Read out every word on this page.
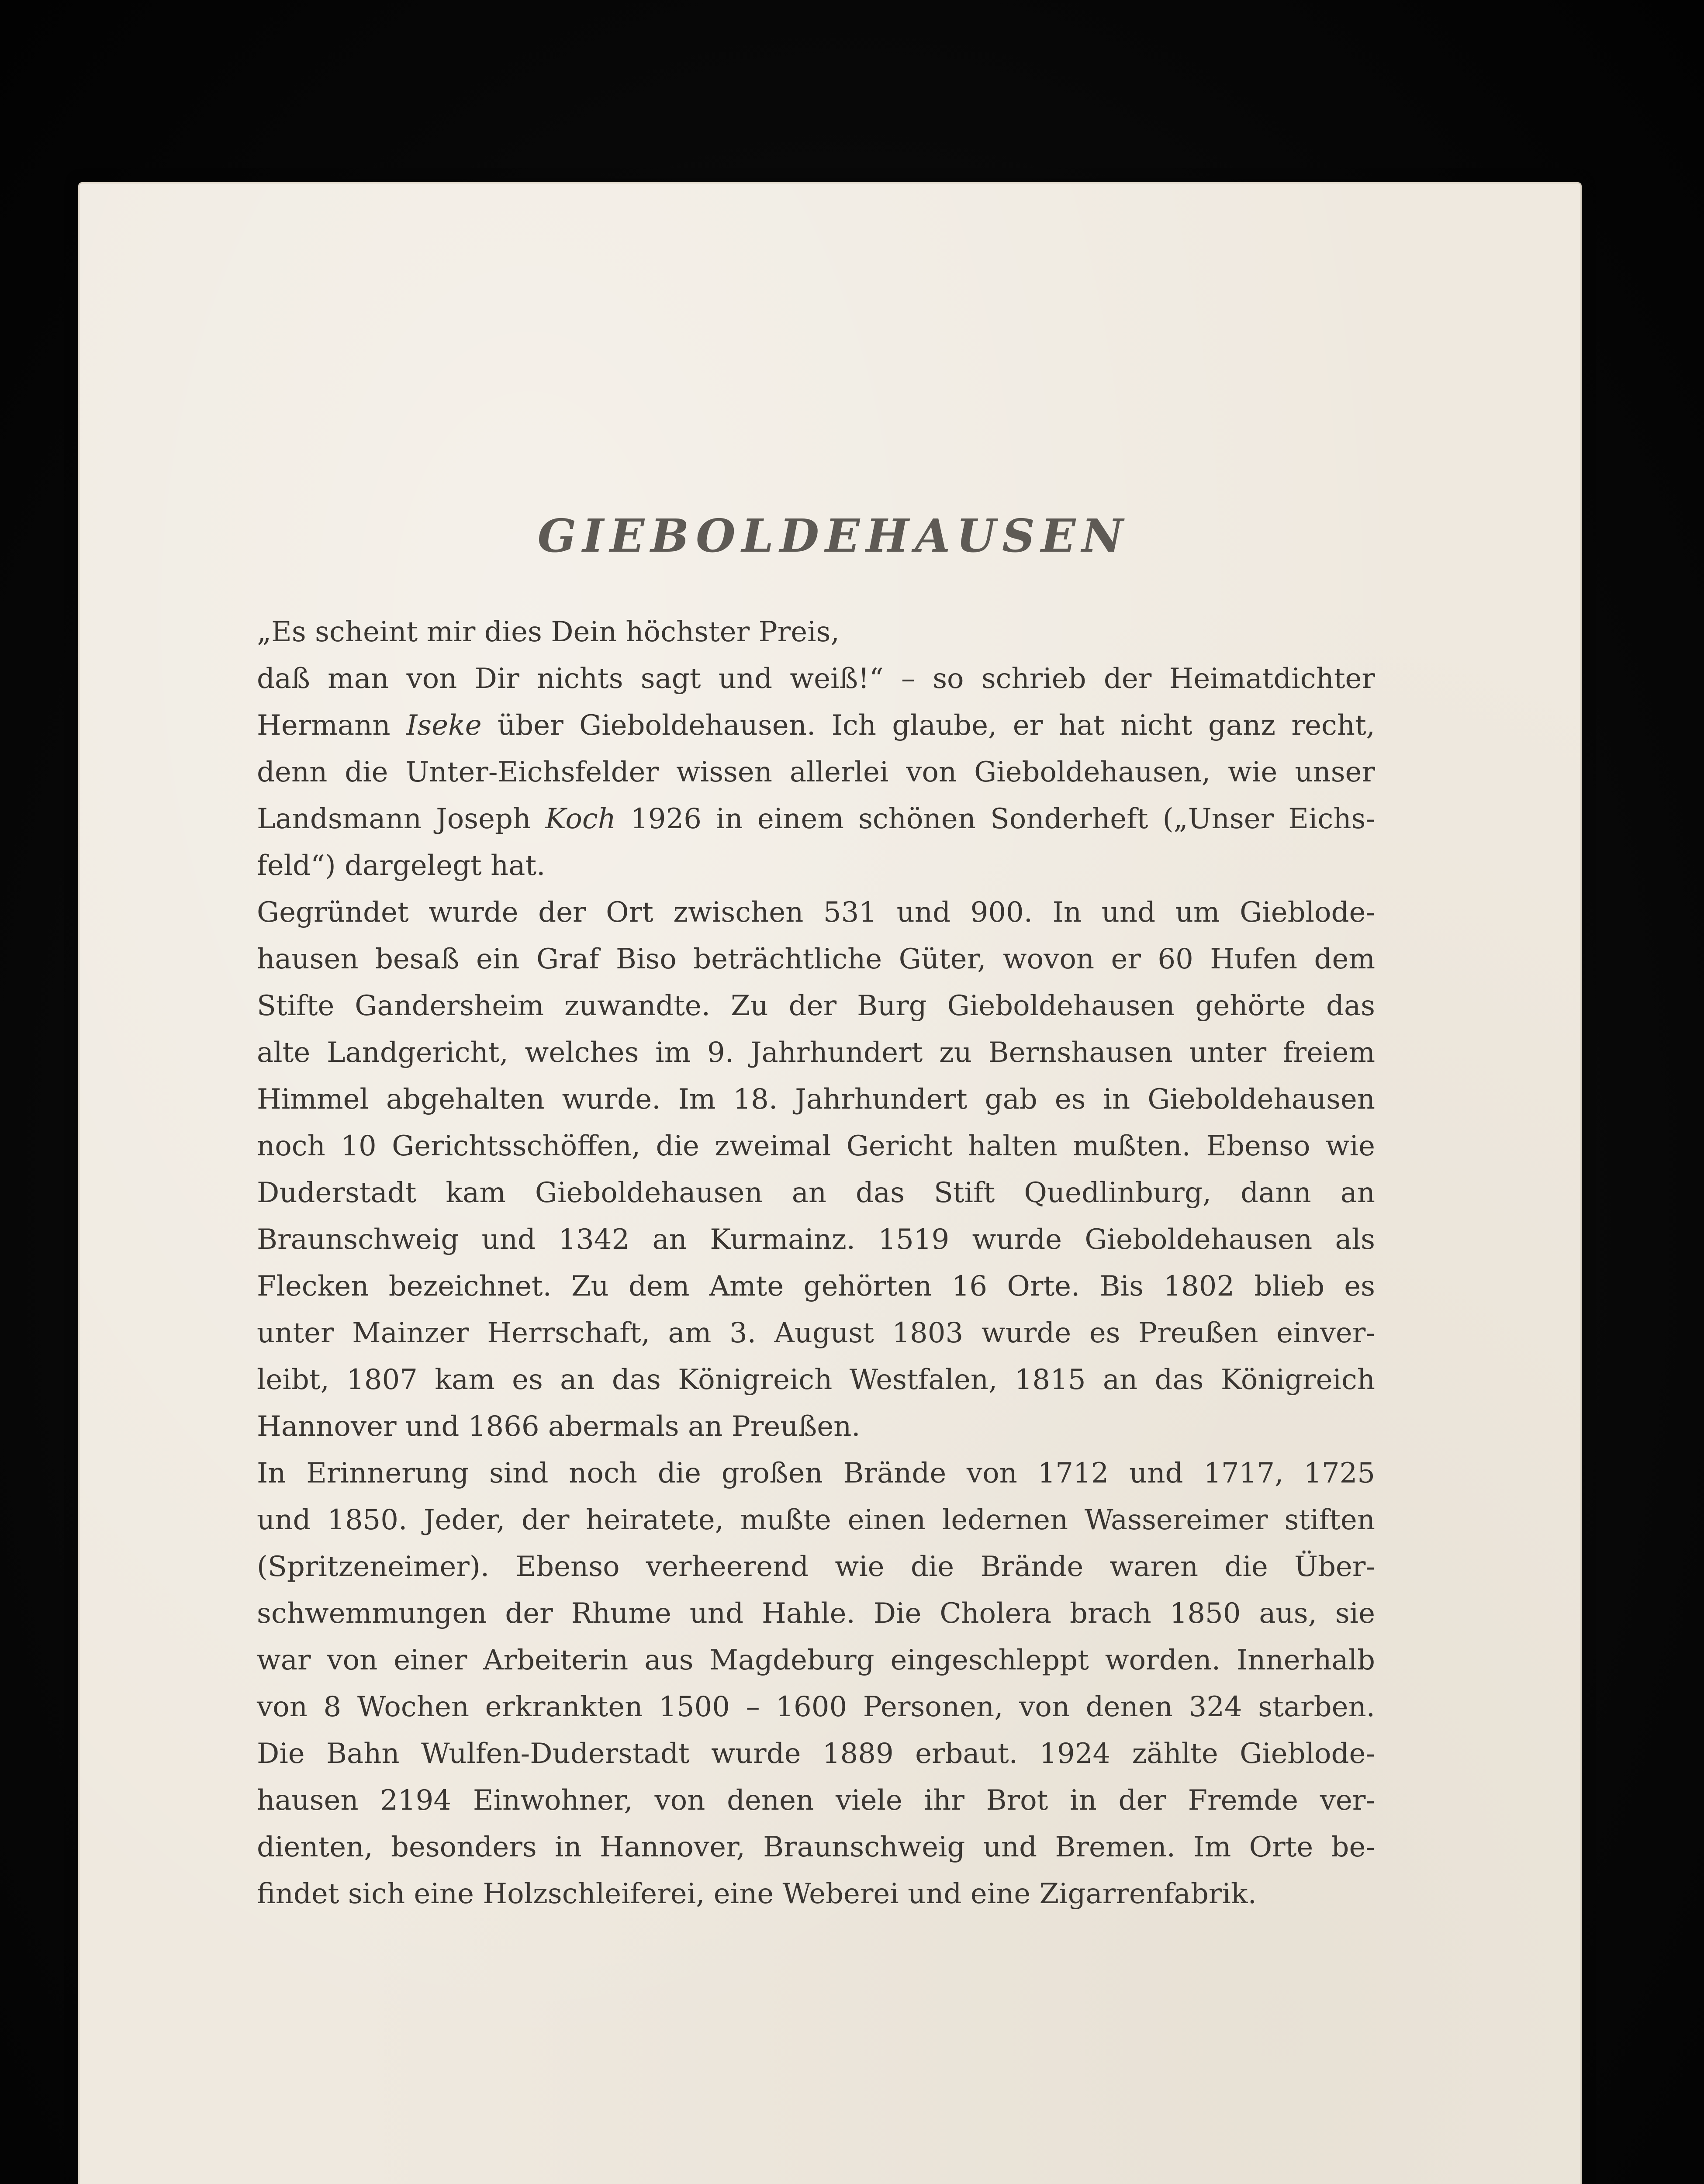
GIEBOLDEHAUSEN
„Es scheint mir dies Dein höchster Preis,
daß man von Dir nichts sagt und weiß!“ – so schrieb der Heimatdichter
Hermann Iseke über Gieboldehausen. Ich glaube, er hat nicht ganz recht,
denn die Unter-Eichsfelder wissen allerlei von Gieboldehausen, wie unser
Landsmann Joseph Koch 1926 in einem schönen Sonderheft („Unser Eichs-
feld“) dargelegt hat.
Gegründet wurde der Ort zwischen 531 und 900. In und um Gieblode-
hausen besaß ein Graf Biso beträchtliche Güter, wovon er 60 Hufen dem
Stifte Gandersheim zuwandte. Zu der Burg Gieboldehausen gehörte das
alte Landgericht, welches im 9. Jahrhundert zu Bernshausen unter freiem
Himmel abgehalten wurde. Im 18. Jahrhundert gab es in Gieboldehausen
noch 10 Gerichtsschöffen, die zweimal Gericht halten mußten. Ebenso wie
Duderstadt kam Gieboldehausen an das Stift Quedlinburg, dann an
Braunschweig und 1342 an Kurmainz. 1519 wurde Gieboldehausen als
Flecken bezeichnet. Zu dem Amte gehörten 16 Orte. Bis 1802 blieb es
unter Mainzer Herrschaft, am 3. August 1803 wurde es Preußen einver-
leibt, 1807 kam es an das Königreich Westfalen, 1815 an das Königreich
Hannover und 1866 abermals an Preußen.
In Erinnerung sind noch die großen Brände von 1712 und 1717, 1725
und 1850. Jeder, der heiratete, mußte einen ledernen Wassereimer stiften
(Spritzeneimer). Ebenso verheerend wie die Brände waren die Über-
schwemmungen der Rhume und Hahle. Die Cholera brach 1850 aus, sie
war von einer Arbeiterin aus Magdeburg eingeschleppt worden. Innerhalb
von 8 Wochen erkrankten 1500 – 1600 Personen, von denen 324 starben.
Die Bahn Wulfen-Duderstadt wurde 1889 erbaut. 1924 zählte Gieblode-
hausen 2194 Einwohner, von denen viele ihr Brot in der Fremde ver-
dienten, besonders in Hannover, Braunschweig und Bremen. Im Orte be-
findet sich eine Holzschleiferei, eine Weberei und eine Zigarrenfabrik.
